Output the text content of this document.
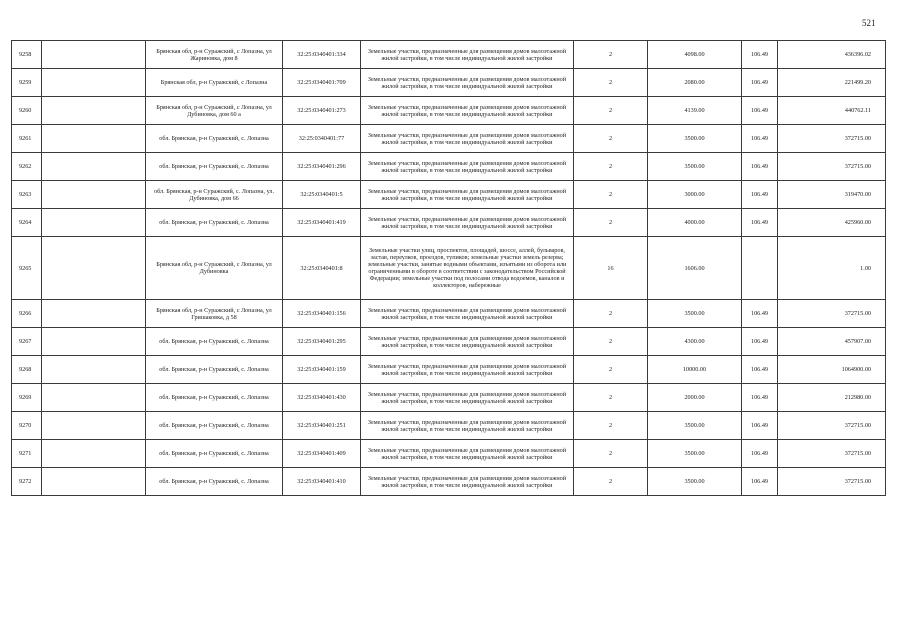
521
9258		Брянская обл, р-н Суражский, с Лопазна, ул Жариновка, дом 8	32:25:0340401:334	Земельные участки, предназначенные для размещения домов малоэтажной жилой застройки, в том числе индивидуальной жилой застройки	2	4098.00	106.49	436396.02
9259		Брянская обл, р-н Суражский, с Лопазна	32:25:0340401:709	Земельные участки, предназначенные для размещения домов малоэтажной жилой застройки, в том числе индивидуальной жилой застройки	2	2080.00	106.49	221499.20
9260		Брянская обл, р-н Суражский, с Лопазна, ул Дубиновка, дом 60 а	32:25:0340401:273	Земельные участки, предназначенные для размещения домов малоэтажной жилой застройки, в том числе индивидуальной жилой застройки	2	4139.00	106.49	440762.11
9261		обл. Брянская, р-н Суражский, с. Лопазна	32:25:0340401:77	Земельные участки, предназначенные для размещения домов малоэтажной жилой застройки, в том числе индивидуальной жилой застройки	2	3500.00	106.49	372715.00
9262		обл. Брянская, р-н Суражский, с. Лопазна	32:25:0340401:296	Земельные участки, предназначенные для размещения домов малоэтажной жилой застройки, в том числе индивидуальной жилой застройки	2	3500.00	106.49	372715.00
9263		обл. Брянская, р-н Суражский, с. Лопазна, ул. Дубиновка, дом 66	32:25:0340401:5	Земельные участки, предназначенные для размещения домов малоэтажной жилой застройки, в том числе индивидуальной жилой застройки	2	3000.00	106.49	319470.00
9264		обл. Брянская, р-н Суражский, с. Лопазна	32:25:0340401:419	Земельные участки, предназначенные для размещения домов малоэтажной жилой застройки, в том числе индивидуальной жилой застройки	2	4000.00	106.49	425960.00
9265		Брянская обл, р-н Суражский, с Лопазна, ул Дубиновка	32:25:0340401:8	Земельные участки улиц, проспектов, площадей, шоссе, аллей, бульваров, застав, переулков, проездов, тупиков; земельные участки земель резерва; земельные участки, занятые водными объектами, изъятыми из оборота или ограниченными в обороте в соответствии с законодательством Российской Федерации; земельные участки под полосами отвода водоемов, каналов и коллекторов, набережные	16	1606.00		1.00
9266		Брянская обл, р-н Суражский, с Лопазна, ул Гришаковка, д 58	32:25:0340401:156	Земельные участки, предназначенные для размещения домов малоэтажной жилой застройки, в том числе индивидуальной жилой застройки	2	3500.00	106.49	372715.00
9267		обл. Брянская, р-н Суражский, с. Лопазна	32:25:0340401:295	Земельные участки, предназначенные для размещения домов малоэтажной жилой застройки, в том числе индивидуальной жилой застройки	2	4300.00	106.49	457907.00
9268		обл. Брянская, р-н Суражский, с. Лопазна	32:25:0340401:159	Земельные участки, предназначенные для размещения домов малоэтажной жилой застройки, в том числе индивидуальной жилой застройки	2	10000.00	106.49	1064900.00
9269		обл. Брянская, р-н Суражский, с. Лопазна	32:25:0340401:430	Земельные участки, предназначенные для размещения домов малоэтажной жилой застройки, в том числе индивидуальной жилой застройки	2	2000.00	106.49	212980.00
9270		обл. Брянская, р-н Суражский, с. Лопазна	32:25:0340401:251	Земельные участки, предназначенные для размещения домов малоэтажной жилой застройки, в том числе индивидуальной жилой застройки	2	3500.00	106.49	372715.00
9271		обл. Брянская, р-н Суражский, с. Лопазна	32:25:0340401:409	Земельные участки, предназначенные для размещения домов малоэтажной жилой застройки, в том числе индивидуальной жилой застройки	2	3500.00	106.49	372715.00
9272		обл. Брянская, р-н Суражский, с. Лопазна	32:25:0340401:410	Земельные участки, предназначенные для размещения домов малоэтажной жилой застройки, в том числе индивидуальной жилой застройки	2	3500.00	106.49	372715.00
